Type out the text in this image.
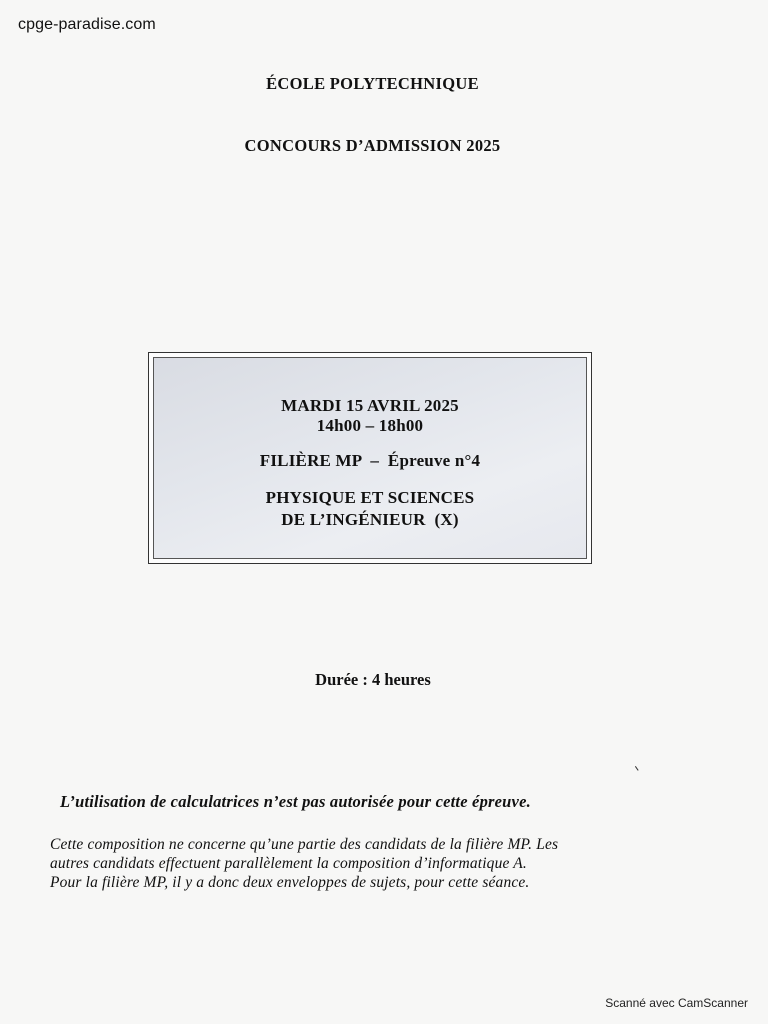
cpge-paradise.com
ÉCOLE POLYTECHNIQUE
CONCOURS D’ADMISSION 2025
MARDI 15 AVRIL 2025
14h00 – 18h00
FILIÈRE MP  –  Épreuve n°4
PHYSIQUE ET SCIENCES
DE L’INGÉNIEUR  (X)
Durée : 4 heures
L’utilisation de calculatrices n’est pas autorisée pour cette épreuve.

Cette composition ne concerne qu’une partie des candidats de la filière MP. Les

autres candidats effectuent parallèlement la composition d’informatique A.

Pour la filière MP, il y a donc deux enveloppes de sujets, pour cette séance.

Scanné avec CamScanner
